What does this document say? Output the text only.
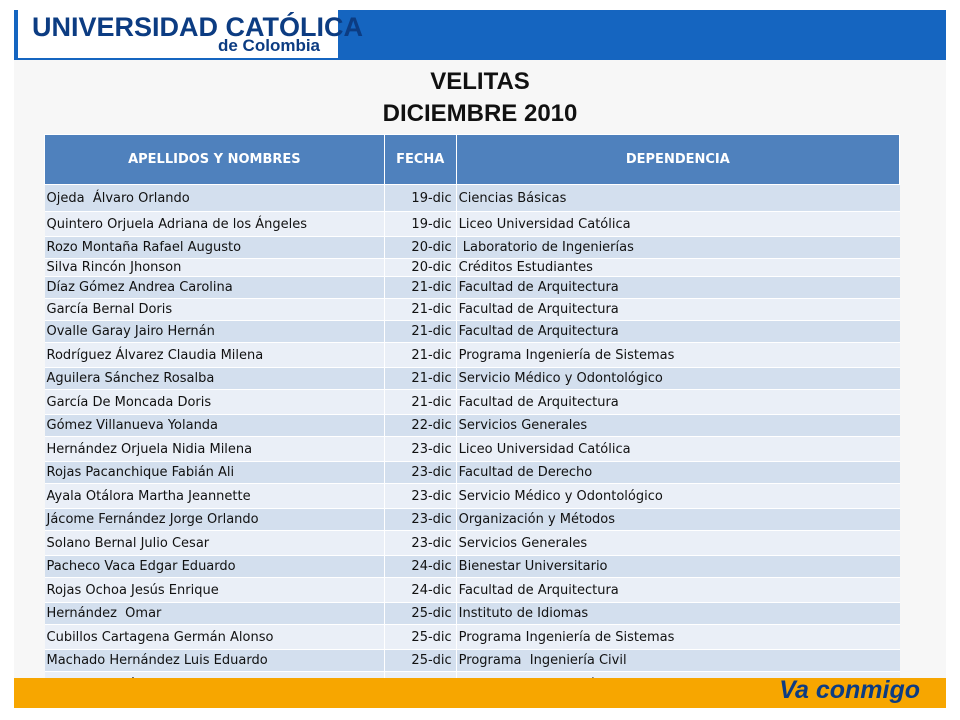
UNIVERSIDAD CATÓLICA
de Colombia
VELITAS
DICIEMBRE 2010
APELLIDOS Y NOMBRES	FECHA	DEPENDENCIA
Ojeda  Álvaro Orlando	19-dic	Ciencias Básicas
Quintero Orjuela Adriana de los Ángeles	19-dic	Liceo Universidad Católica
Rozo Montaña Rafael Augusto	20-dic	Laboratorio de Ingenierías
Silva Rincón Jhonson	20-dic	Créditos Estudiantes
Díaz Gómez Andrea Carolina	21-dic	Facultad de Arquitectura
García Bernal Doris	21-dic	Facultad de Arquitectura
Ovalle Garay Jairo Hernán	21-dic	Facultad de Arquitectura
Rodríguez Álvarez Claudia Milena	21-dic	Programa Ingeniería de Sistemas
Aguilera Sánchez Rosalba	21-dic	Servicio Médico y Odontológico
García De Moncada Doris	21-dic	Facultad de Arquitectura
Gómez Villanueva Yolanda	22-dic	Servicios Generales
Hernández Orjuela Nidia Milena	23-dic	Liceo Universidad Católica
Rojas Pacanchique Fabián Ali	23-dic	Facultad de Derecho
Ayala Otálora Martha Jeannette	23-dic	Servicio Médico y Odontológico
Jácome Fernández Jorge Orlando	23-dic	Organización y Métodos
Solano Bernal Julio Cesar	23-dic	Servicios Generales
Pacheco Vaca Edgar Eduardo	24-dic	Bienestar Universitario
Rojas Ochoa Jesús Enrique	24-dic	Facultad de Arquitectura
Hernández  Omar	25-dic	Instituto de Idiomas
Cubillos Cartagena Germán Alonso	25-dic	Programa Ingeniería de Sistemas
Machado Hernández Luis Eduardo	25-dic	Programa  Ingeniería Civil

Va conmigo
